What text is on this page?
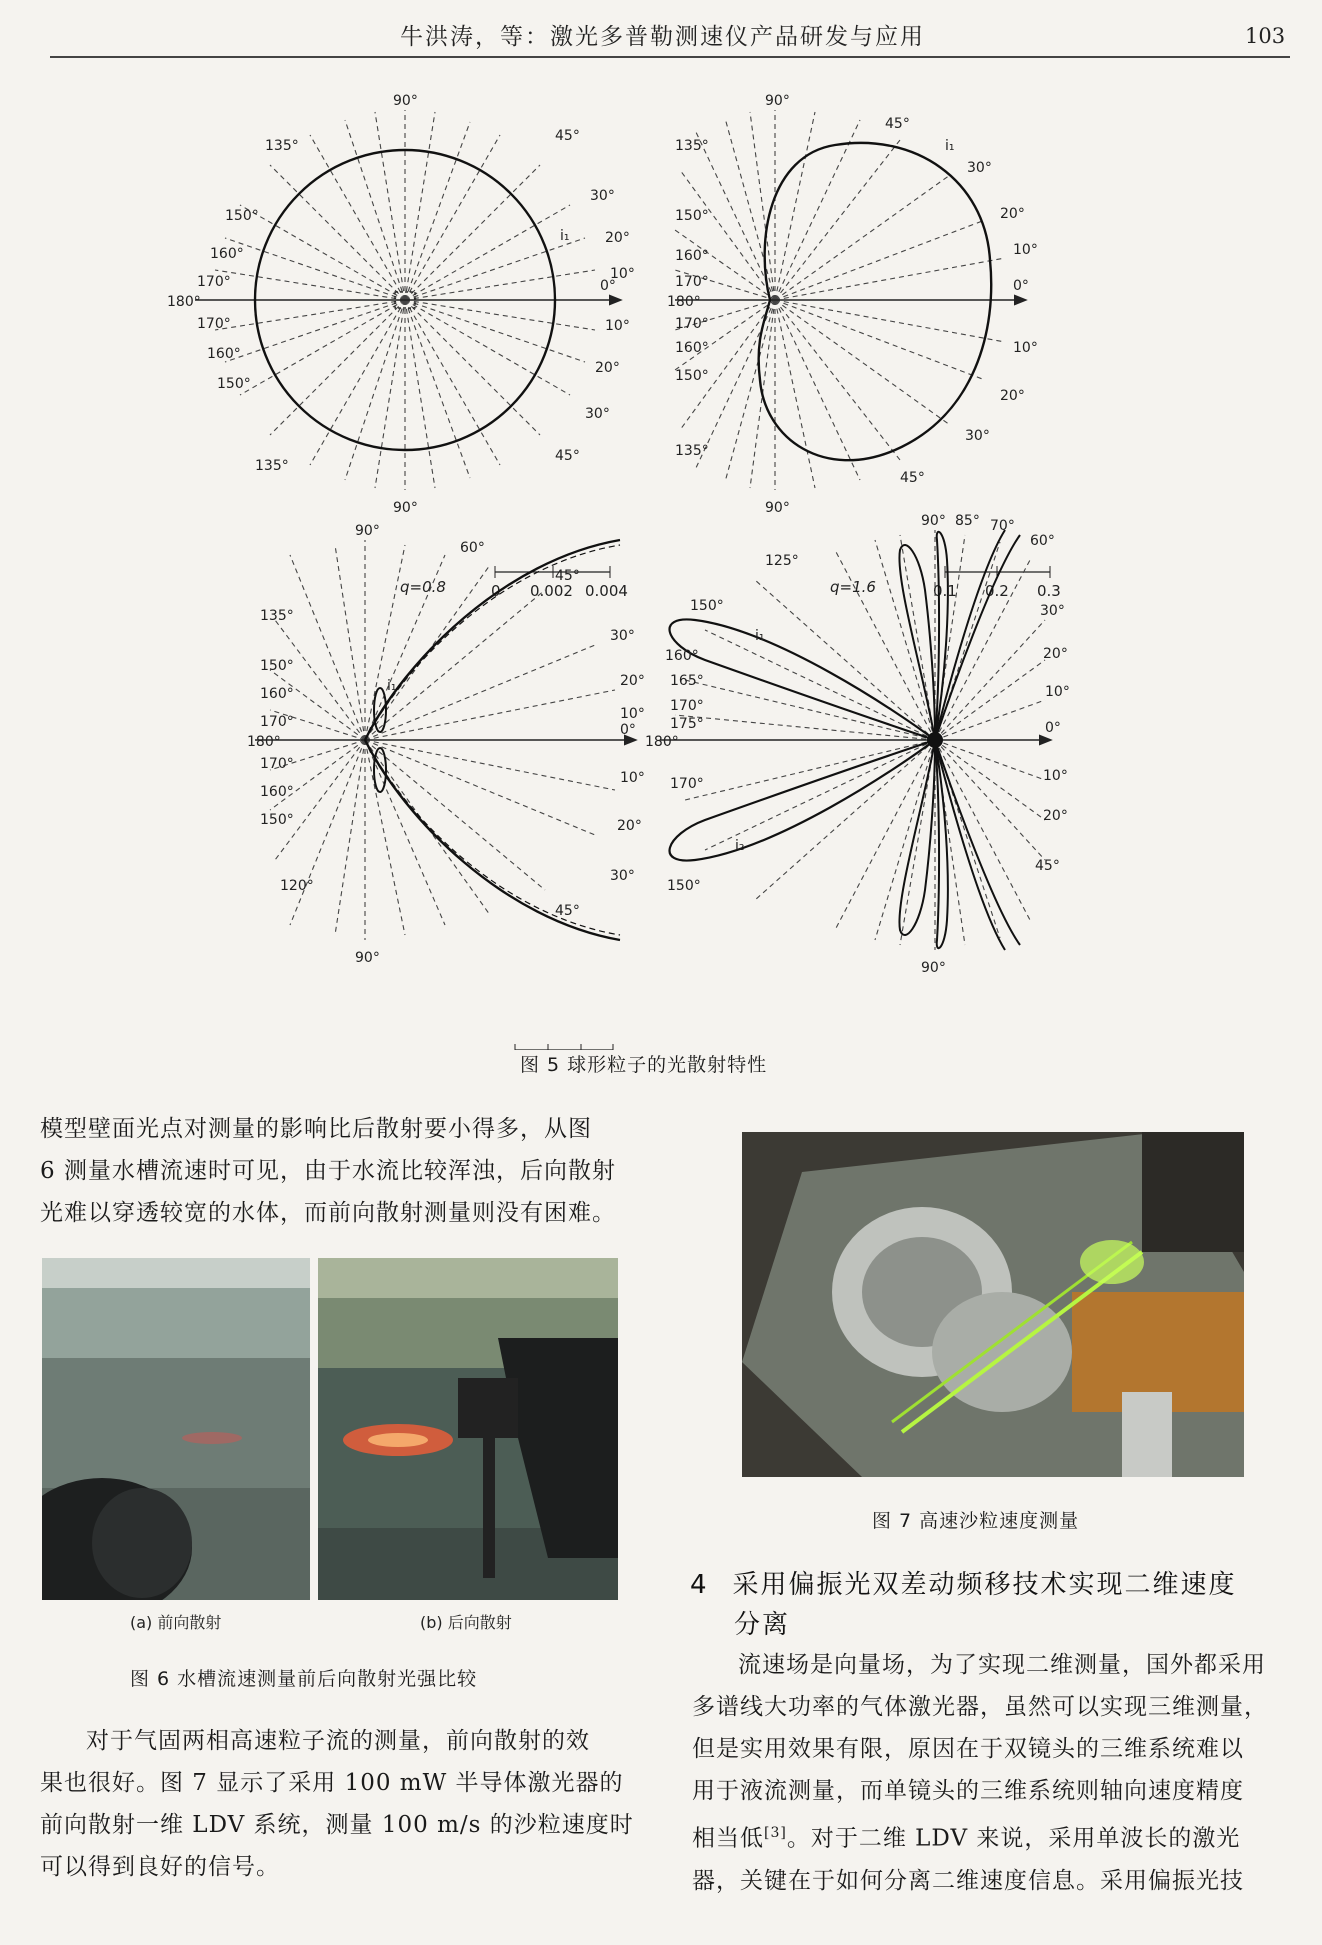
牛洪涛，等：激光多普勒测速仪产品研发与应用	103

90°
45°
30°
20°
10°
0°
10°
20°
30°
45°
90°
135°
150°
160°
170°
180°
170°
160°
150°
135°
i₁
q=0.8	0 0.002 0.004
90°
45°
30°
20°
10°
0°
10°
20°
30°
45°
90°
135°
150°
160°
170°
180°
170°
160°
150°
135°
i₁
q=1.6	0.1 0.2 0.3
90°
60°
45°
30°
20°
10°
0°
10°
20°
30°
45°
90°
135°
150°
160°
170°
180°
170°
160°
150°
120°
i₁
90° 85° 70°
60°
30°
20°
10°
0°
10°
20°
45°
90°
125°
150°
160°
165°
170°
175°
180°
170°
150°
i₂
i₁
图 5 球形粒子的光散射特性

模型壁面光点对测量的影响比后散射要小得多，从图

6 测量水槽流速时可见，由于水流比较浑浊，后向散射

光难以穿透较宽的水体，而前向散射测量则没有困难。

(a) 前向散射	(b) 后向散射
图 6 水槽流速测量前后向散射光强比较

对于气固两相高速粒子流的测量，前向散射的效

果也很好。图 7 显示了采用 100 mW 半导体激光器的

前向散射一维 LDV 系统，测量 100 m/s 的沙粒速度时

可以得到良好的信号。

图 7 高速沙粒速度测量
4 采用偏振光双差动频移技术实现二维速度
分离

流速场是向量场，为了实现二维测量，国外都采用

多谱线大功率的气体激光器，虽然可以实现三维测量，

但是实用效果有限，原因在于双镜头的三维系统难以

用于液流测量，而单镜头的三维系统则轴向速度精度

相当低[3]。对于二维 LDV 来说，采用单波长的激光

器，关键在于如何分离二维速度信息。采用偏振光技
